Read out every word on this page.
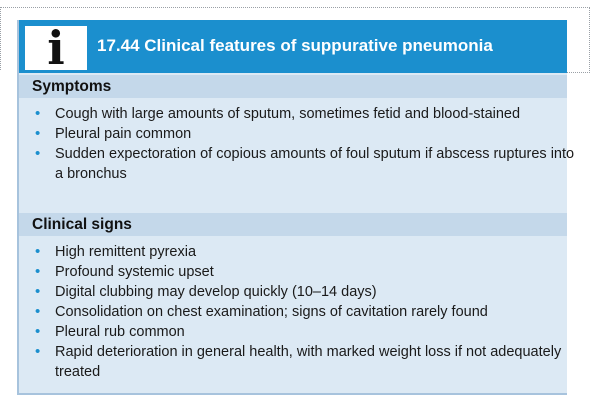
i	17.44 Clinical features of suppurative pneumonia
Symptoms
• Cough with large amounts of sputum, sometimes fetid and blood-stained
• Pleural pain common
• Sudden expectoration of copious amounts of foul sputum if abscess ruptures into a bronchus
Clinical signs
• High remittent pyrexia
• Profound systemic upset
• Digital clubbing may develop quickly (10–14 days)
• Consolidation on chest examination; signs of cavitation rarely found
• Pleural rub common
• Rapid deterioration in general health, with marked weight loss if not adequately treated
